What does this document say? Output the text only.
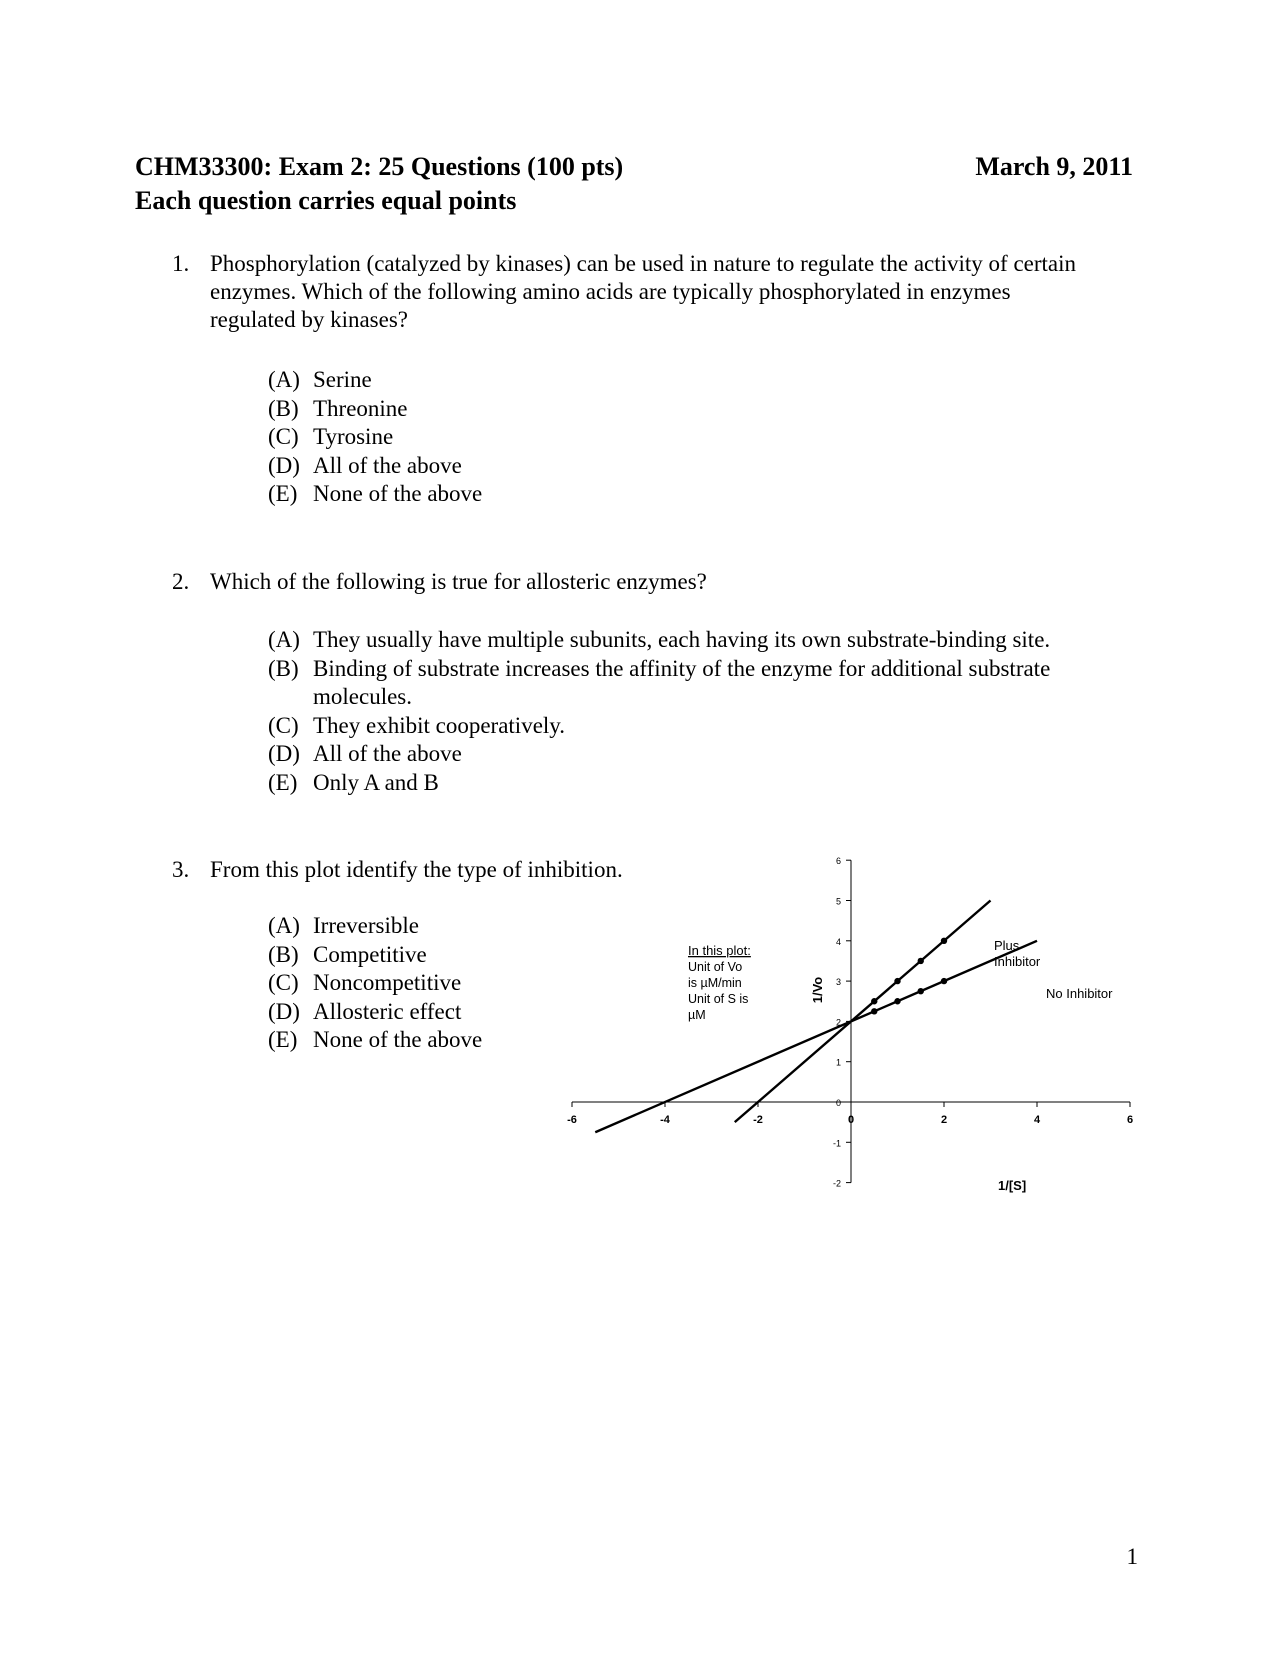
CHM33300: Exam 2: 25 Questions (100 pts)	March 9, 2011
Each question carries equal points
1. Phosphorylation (catalyzed by kinases) can be used in nature to regulate the activity of certain enzymes. Which of the following amino acids are typically phosphorylated in enzymes regulated by kinases?
(A) Serine
(B) Threonine
(C) Tyrosine
(D) All of the above
(E) None of the above
2. Which of the following is true for allosteric enzymes?
(A) They usually have multiple subunits, each having its own substrate-binding site.
(B) Binding of substrate increases the affinity of the enzyme for additional substrate molecules.
(C) They exhibit cooperatively.
(D) All of the above
(E) Only A and B
3. From this plot identify the type of inhibition.
(A) Irreversible
(B) Competitive
(C) Noncompetitive
(D) Allosteric effect
(E) None of the above
-6	-4	-2	0	2	4	6
-2
-1
0
1
2
3
4
5
6
In this plot:
Unit of Vo
is µM/min
Unit of S is
µM
Plus
Inhibitor
No Inhibitor
1/Vo
1/[S]
1
